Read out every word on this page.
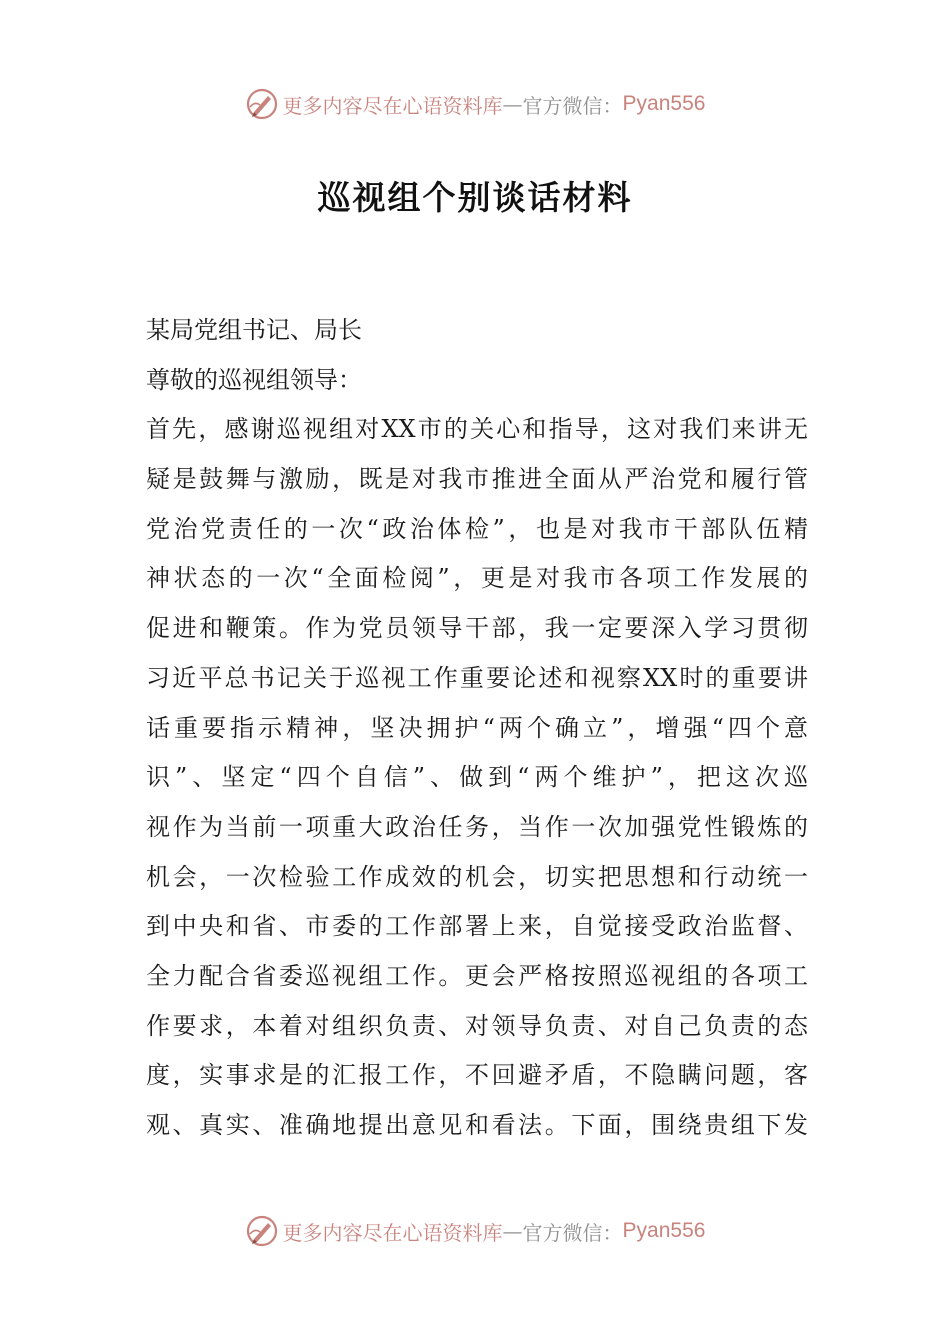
更多内容尽在心语资料库 — 官方微信： Pyan556
巡视组个别谈话材料
某局党组书记、局长
尊敬的巡视组领导：
首先，感谢巡视组对XX市的关心和指导，这对我们来讲无
疑是鼓舞与激励，既是对我市推进全面从严治党和履行管
党治党责任的一次“政治体检”，也是对我市干部队伍精
神状态的一次“全面检阅”，更是对我市各项工作发展的
促进和鞭策。作为党员领导干部，我一定要深入学习贯彻
习近平总书记关于巡视工作重要论述和视察XX时的重要讲
话重要指示精神，坚决拥护“两个确立”，增强“四个意
识”、坚定“四个自信”、做到“两个维护”，把这次巡
视作为当前一项重大政治任务，当作一次加强党性锻炼的
机会，一次检验工作成效的机会，切实把思想和行动统一
到中央和省、市委的工作部署上来，自觉接受政治监督、
全力配合省委巡视组工作。更会严格按照巡视组的各项工
作要求，本着对组织负责、对领导负责、对自己负责的态
度，实事求是的汇报工作，不回避矛盾，不隐瞒问题，客
观、真实、准确地提出意见和看法。下面，围绕贵组下发
更多内容尽在心语资料库 — 官方微信： Pyan556
